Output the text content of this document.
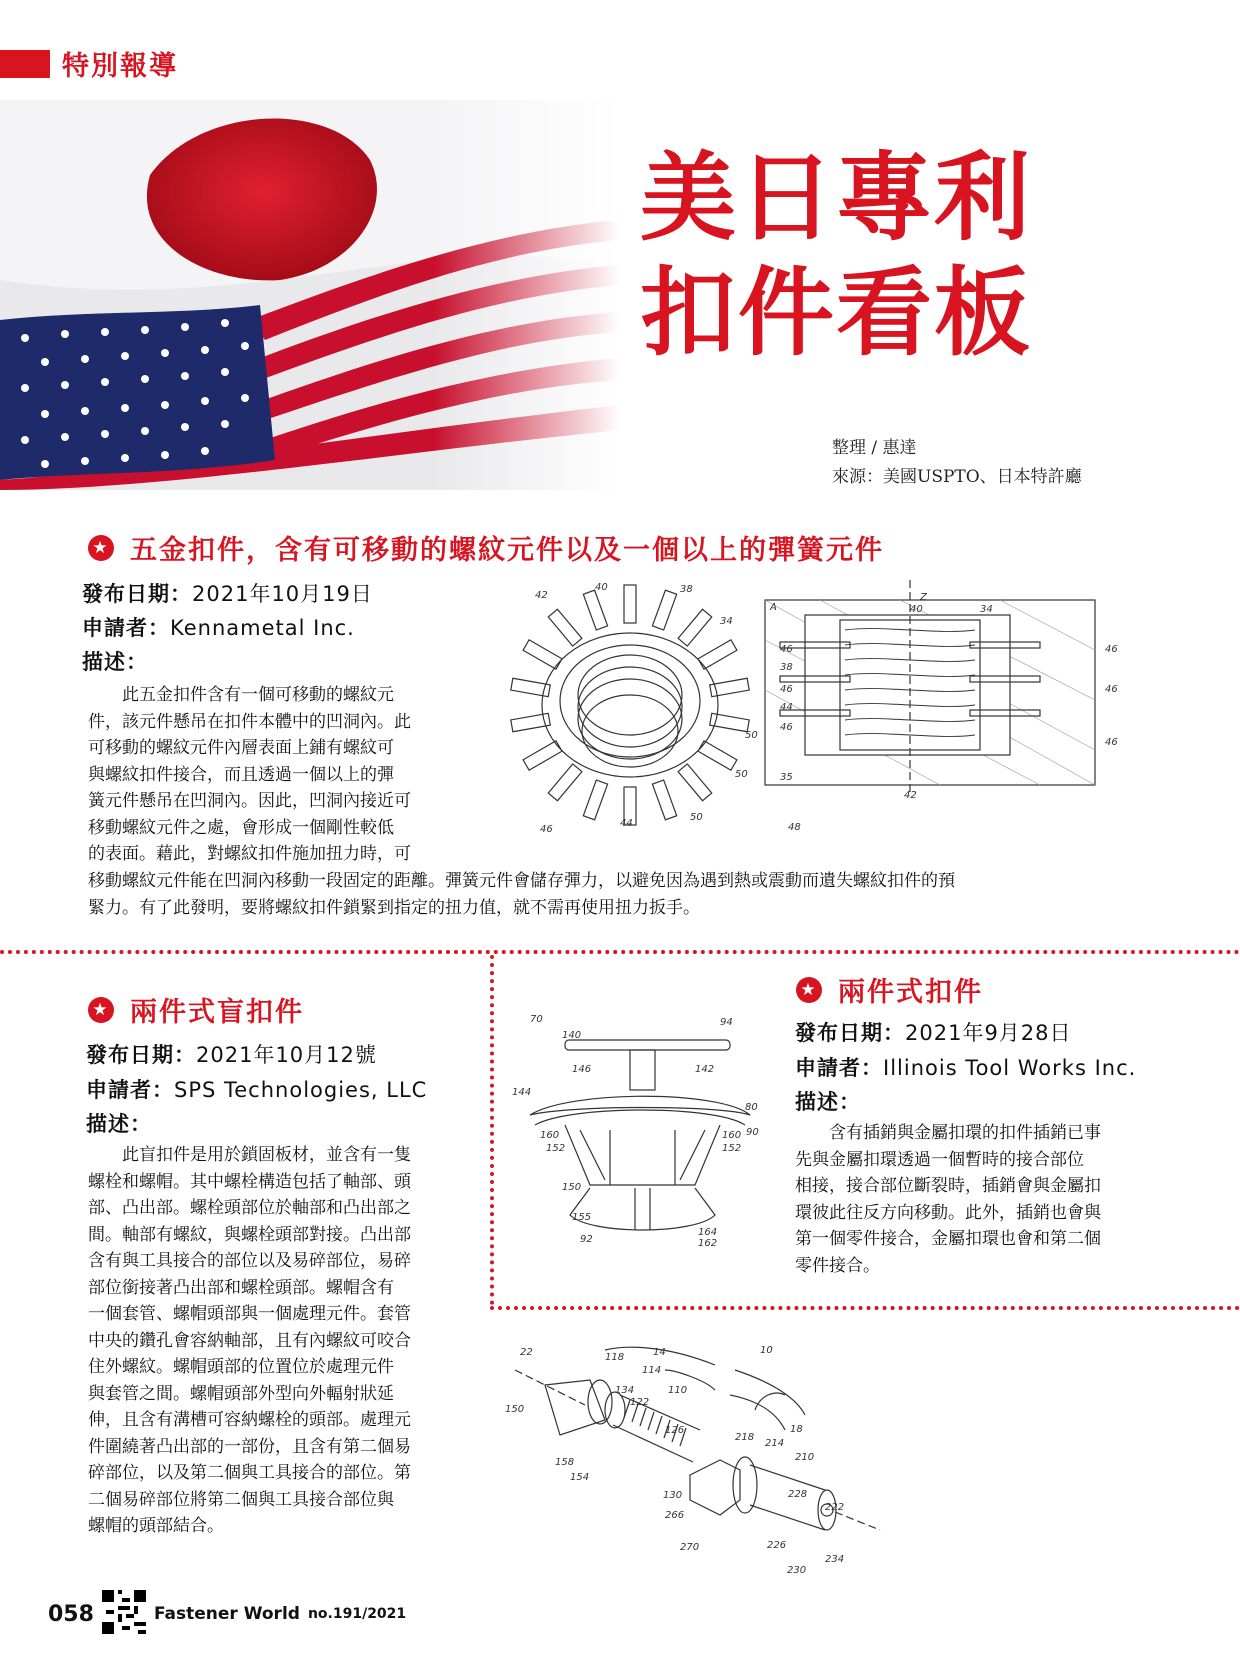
特別報導
美日專利
扣件看板
整理 / 惠達
來源：美國USPTO、日本特許廳
★ 五金扣件，含有可移動的螺紋元件以及一個以上的彈簧元件
發布日期：2021年10月19日
申請者：Kennametal Inc.
描述：
　　此五金扣件含有一個可移動的螺紋元
件，該元件懸吊在扣件本體中的凹洞內。此
可移動的螺紋元件內層表面上鋪有螺紋可
與螺紋扣件接合，而且透過一個以上的彈
簧元件懸吊在凹洞內。因此，凹洞內接近可
移動螺紋元件之處，會形成一個剛性較低
的表面。藉此，對螺紋扣件施加扭力時，可
移動螺紋元件能在凹洞內移動一段固定的距離。彈簧元件會儲存彈力，以避免因為遇到熱或震動而遺失螺紋扣件的預
緊力。有了此發明，要將螺紋扣件鎖緊到指定的扭力值，就不需再使用扭力扳手。
42
40	38
34
50
50
50
44
46
A	40
Z
34
46
38
46
44
46
35
48
42
46
46
46
★ 兩件式盲扣件
發布日期：2021年10月12號
申請者：SPS Technologies, LLC
描述：
　　此盲扣件是用於鎖固板材，並含有一隻
螺栓和螺帽。其中螺栓構造包括了軸部、頭
部、凸出部。螺栓頭部位於軸部和凸出部之
間。軸部有螺紋，與螺栓頭部對接。凸出部
含有與工具接合的部位以及易碎部位，易碎
部位銜接著凸出部和螺栓頭部。螺帽含有
一個套管、螺帽頭部與一個處理元件。套管
中央的鑽孔會容納軸部，且有內螺紋可咬合
住外螺紋。螺帽頭部的位置位於處理元件
與套管之間。螺帽頭部外型向外輻射狀延
伸，且含有溝槽可容納螺栓的頭部。處理元
件圍繞著凸出部的一部份，且含有第二個易
碎部位，以及第二個與工具接合的部位。第
二個易碎部位將第二個與工具接合部位與
螺帽的頭部結合。
70	94
140
146	142
144
80
160
152
160 90
152
150
155
92
164
162
★ 兩件式扣件
發布日期：2021年9月28日
申請者：Illinois Tool Works Inc.
描述：
　　含有插銷與金屬扣環的扣件插銷已事
先與金屬扣環透過一個暫時的接合部位
相接，接合部位斷裂時，插銷會與金屬扣
環彼此往反方向移動。此外，插銷也會與
第一個零件接合，金屬扣環也會和第二個
零件接合。
22	118	14
114
10
110
150
134
122
126
158
154
218
18
214
210
130	228
266
222
270	226
230
234
058	Fastener World no.191/2021
